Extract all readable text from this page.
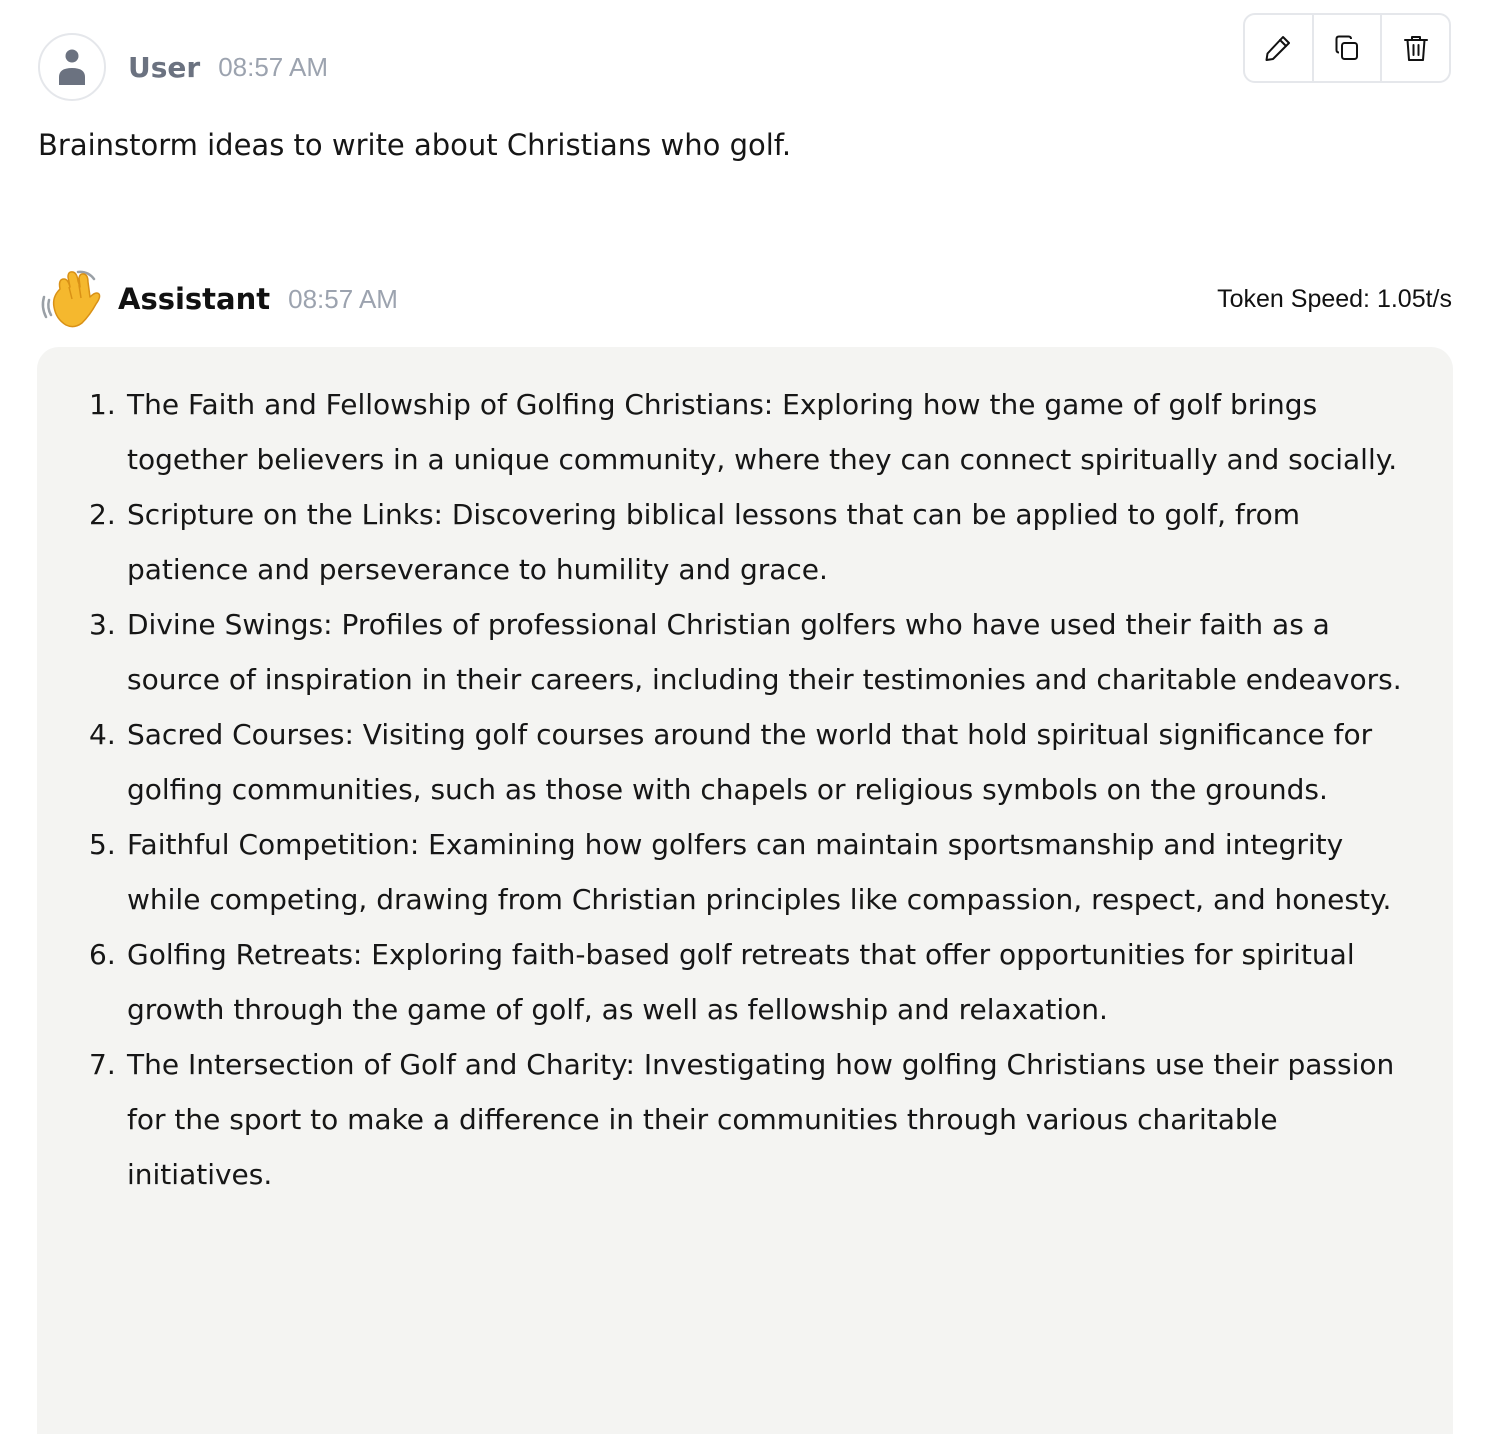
User 08:57 AM
Brainstorm ideas to write about Christians who golf.
Assistant 08:57 AM	Token Speed: 1.05t/s
1. The Faith and Fellowship of Golfing Christians: Exploring how the game of golf brings together believers in a unique community, where they can connect spiritually and socially.
2. Scripture on the Links: Discovering biblical lessons that can be applied to golf, from patience and perseverance to humility and grace.
3. Divine Swings: Profiles of professional Christian golfers who have used their faith as a source of inspiration in their careers, including their testimonies and charitable endeavors.
4. Sacred Courses: Visiting golf courses around the world that hold spiritual significance for golfing communities, such as those with chapels or religious symbols on the grounds.
5. Faithful Competition: Examining how golfers can maintain sportsmanship and integrity while competing, drawing from Christian principles like compassion, respect, and honesty.
6. Golfing Retreats: Exploring faith-based golf retreats that offer opportunities for spiritual growth through the game of golf, as well as fellowship and relaxation.
7. The Intersection of Golf and Charity: Investigating how golfing Christians use their passion for the sport to make a difference in their communities through various charitable initiatives.
